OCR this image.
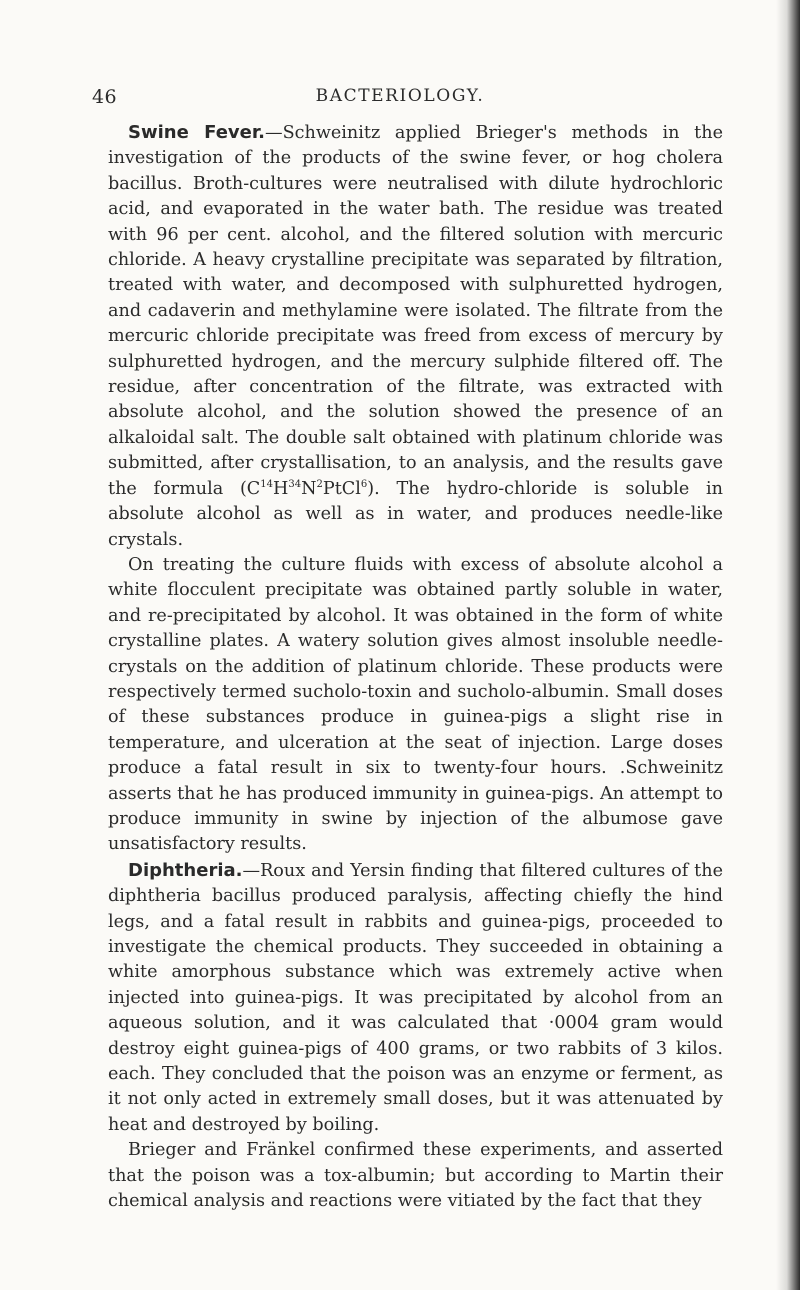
46	BACTERIOLOGY.

Swine Fever.—Schweinitz applied Brieger's methods in the investigation of the products of the swine fever, or hog cholera bacillus. Broth-cultures were neutralised with dilute hydrochloric acid, and evaporated in the water bath. The residue was treated with 96 per cent. alcohol, and the filtered solution with mercuric chloride. A heavy crystalline precipitate was separated by filtration, treated with water, and decomposed with sulphuretted hydrogen, and cadaverin and methylamine were isolated. The filtrate from the mercuric chloride precipitate was freed from excess of mercury by sulphuretted hydrogen, and the mercury sulphide filtered off. The residue, after concentration of the filtrate, was extracted with absolute alcohol, and the solution showed the presence of an alkaloidal salt. The double salt obtained with platinum chloride was submitted, after crystallisation, to an analysis, and the results gave the formula $(C^{14}H^{34}N^2PtCl^6)$. The hydro-chloride is soluble in absolute alcohol as well as in water, and produces needle-like crystals.

On treating the culture fluids with excess of absolute alcohol a white flocculent precipitate was obtained partly soluble in water, and re-precipitated by alcohol. It was obtained in the form of white crystalline plates. A watery solution gives almost insoluble needle-crystals on the addition of platinum chloride. These products were respectively termed sucholo-toxin and sucholo-albumin. Small doses of these substances produce in guinea-pigs a slight rise in temperature, and ulceration at the seat of injection. Large doses produce a fatal result in six to twenty-four hours. .Schweinitz asserts that he has produced immunity in guinea-pigs. An attempt to produce immunity in swine by injection of the albumose gave unsatisfactory results.

Diphtheria.—Roux and Yersin finding that filtered cultures of the diphtheria bacillus produced paralysis, affecting chiefly the hind legs, and a fatal result in rabbits and guinea-pigs, proceeded to investigate the chemical products. They succeeded in obtaining a white amorphous substance which was extremely active when injected into guinea-pigs. It was precipitated by alcohol from an aqueous solution, and it was calculated that ·0004 gram would destroy eight guinea-pigs of 400 grams, or two rabbits of 3 kilos. each. They concluded that the poison was an enzyme or ferment, as it not only acted in extremely small doses, but it was attenuated by heat and destroyed by boiling.

Brieger and Fränkel confirmed these experiments, and asserted that the poison was a tox-albumin; but according to Martin their chemical analysis and reactions were vitiated by the fact that they
